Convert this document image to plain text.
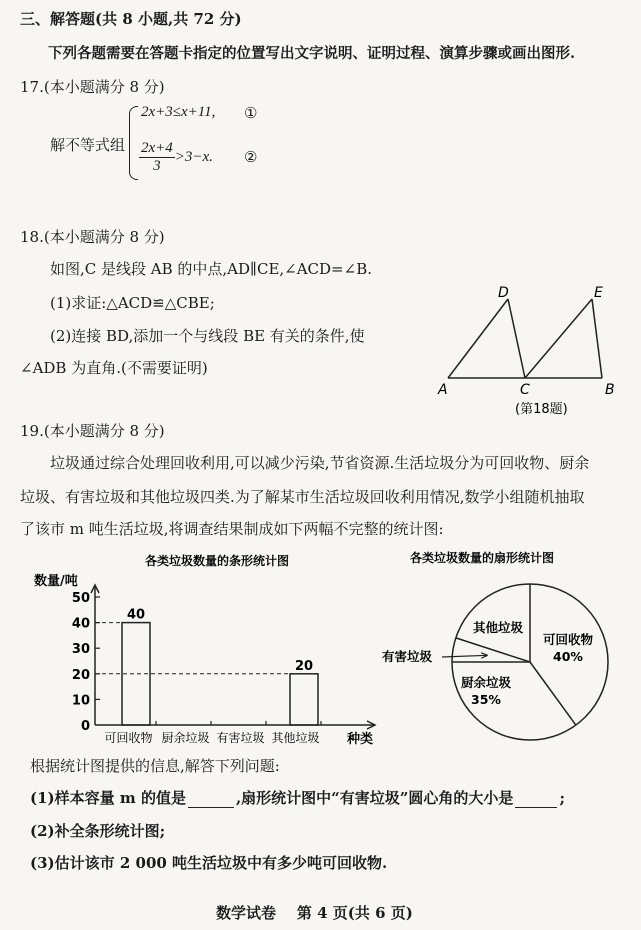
三、解答题(共 8 小题,共 72 分)
下列各题需要在答题卡指定的位置写出文字说明、证明过程、演算步骤或画出图形.
17.(本小题满分 8 分)
解不等式组
2x+3≤x+11, ①
$\frac{2x+4}{3} >3-x$. ②
18.(本小题满分 8 分)
如图,C 是线段 AB 的中点,AD∥CE,∠ACD=∠B.
(1)求证:△ACD≌△CBE;
(2)连接 BD,添加一个与线段 BE 有关的条件,使
∠ADB 为直角.(不需要证明)
A	C	B
D	E
(第18题)
19.(本小题满分 8 分)
垃圾通过综合处理回收利用,可以减少污染,节省资源.生活垃圾分为可回收物、厨余
垃圾、有害垃圾和其他垃圾四类.为了解某市生活垃圾回收利用情况,数学小组随机抽取
了该市 m 吨生活垃圾,将调查结果制成如下两幅不完整的统计图:
各类垃圾数量的条形统计图
数量/吨
种类
0
10
20
30
40
50
可回收物
40
厨余垃圾 有害垃圾 其他垃圾
20
各类垃圾数量的扇形统计图
可回收物
40%
厨余垃圾
35%
其他垃圾
有害垃圾
根据统计图提供的信息,解答下列问题:
(1)样本容量 m 的值是	,扇形统计图中“有害垃圾”圆心角的大小是	;
(2)补全条形统计图;
(3)估计该市 2 000 吨生活垃圾中有多少吨可回收物.
数学试卷    第 4 页(共 6 页)
